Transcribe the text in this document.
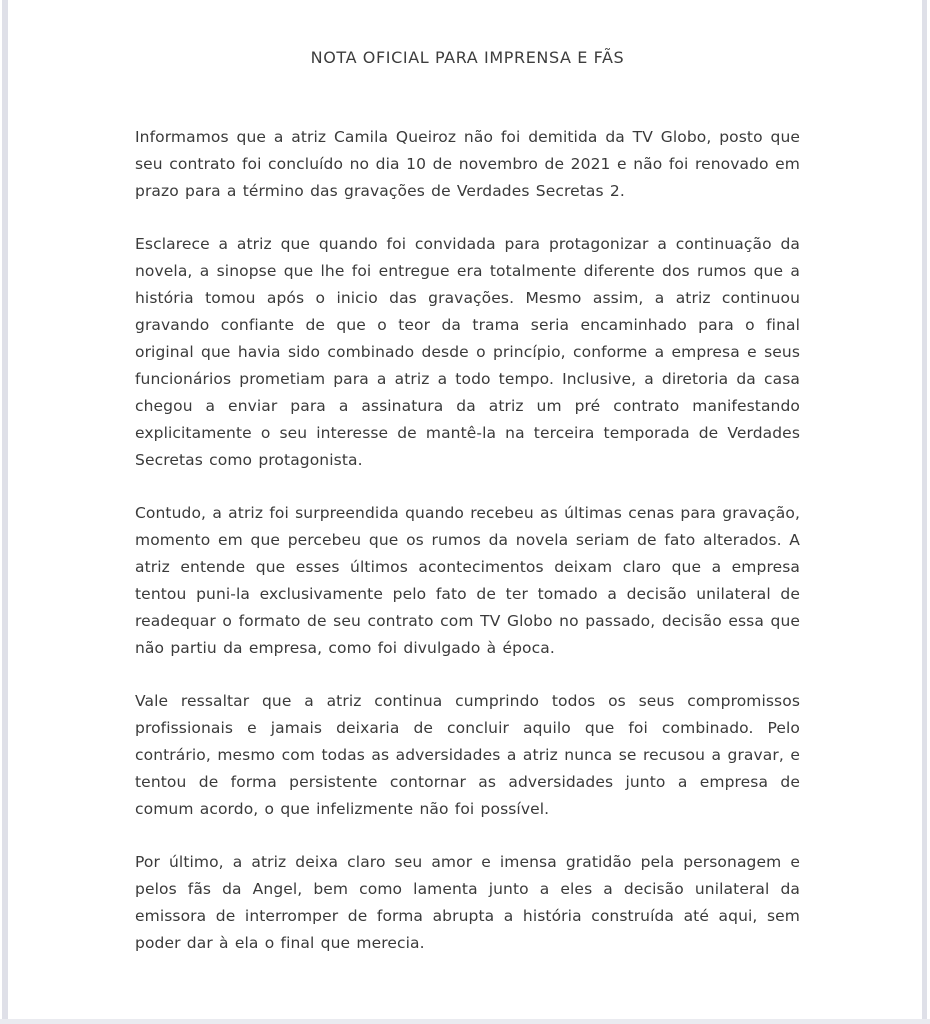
NOTA OFICIAL PARA IMPRENSA E FÃS

Informamos que a atriz Camila Queiroz não foi demitida da TV Globo, posto que seu contrato foi concluído no dia 10 de novembro de 2021 e não foi renovado em prazo para a término das gravações de Verdades Secretas 2.

Esclarece a atriz que quando foi convidada para protagonizar a continuação da novela, a sinopse que lhe foi entregue era totalmente diferente dos rumos que a história tomou após o inicio das gravações. Mesmo assim, a atriz continuou gravando confiante de que o teor da trama seria encaminhado para o final original que havia sido combinado desde o princípio, conforme a empresa e seus funcionários prometiam para a atriz a todo tempo. Inclusive, a diretoria da casa chegou a enviar para a assinatura da atriz um pré contrato manifestando explicitamente o seu interesse de mantê-la na terceira temporada de Verdades Secretas como protagonista.

Contudo, a atriz foi surpreendida quando recebeu as últimas cenas para gravação, momento em que percebeu que os rumos da novela seriam de fato alterados. A atriz entende que esses últimos acontecimentos deixam claro que a empresa tentou puni-la exclusivamente pelo fato de ter tomado a decisão unilateral de readequar o formato de seu contrato com TV Globo no passado, decisão essa que não partiu da empresa, como foi divulgado à época.

Vale ressaltar que a atriz continua cumprindo todos os seus compromissos profissionais e jamais deixaria de concluir aquilo que foi combinado. Pelo contrário, mesmo com todas as adversidades a atriz nunca se recusou a gravar, e tentou de forma persistente contornar as adversidades junto a empresa de comum acordo, o que infelizmente não foi possível.

Por último, a atriz deixa claro seu amor e imensa gratidão pela personagem e pelos fãs da Angel, bem como lamenta junto a eles a decisão unilateral da emissora de interromper de forma abrupta a história construída até aqui, sem poder dar à ela o final que merecia.
